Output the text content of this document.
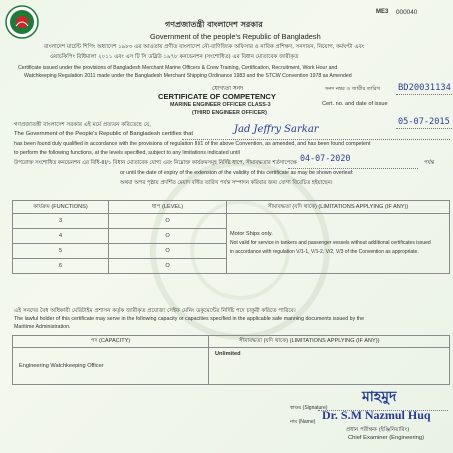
ME3 000040
গণপ্রজাতন্ত্রী বাংলাদেশ সরকার
Government of the people's Republic of Bangladesh
বাংলাদেশ মার্চেন্ট শিপিং অধ্যাদেশ ১৯৮৩ এর আওতায় প্রণীত বাংলাদেশ নৌ-বাণিজ্যিক অফিসার ও নাবিক প্রশিক্ষণ, সনদায়ন, নিয়োগ, কর্মঘণ্টা এবং
ওয়াচকিপিং বিধিমালা ২০১১ এবং এস টি সি ডব্লিউ ১৯৭৮ কনভেনশন (সংশোধিত) এর বিধান মোতাবেক জারীকৃত
Certificate issued under the provisions of Bangladesh Merchant Marine Officers & Crew Training, Certification, Recruitment, Work Hour and
Watchkeeping Regulation 2011 made under the Bangladesh Merchant Shipping Ordinance 1983 and the STCW Convention 1978 as Amended
যোগ্যতা সনদ
CERTIFICATE OF COMPETENCY
MARINE ENGINEER OFFICER CLASS-3
(THIRD ENGINEER OFFICER)
সনদ নম্বর ও জারীর তারিখ BD20031134
Cert. no. and date of issue
05-07-2015
গণপ্রজাতন্ত্রী বাংলাদেশ সরকার এই মর্মে প্রত্যয়ন করিতেছে যে,
The Government of the People's Republic of Bangladesh certifies that	Jad Jeffry Sarkar
has been found duly qualified in accordance with the provisions of regulation III/1 of the above Convention, as amended, and has been found competent
to perform the following functions, at the levels specified, subject to any limitations indicated until	04-07-2020
উপরোক্ত সংশোধিত কনভেনশন এর বিধি-III/১ বিধান মোতাবেক যোগ্য এবং নিম্নোক্ত কার্যক্রমসমূহ নির্দিষ্ট ধাপে, সীমাবদ্ধতার শর্তসাপেক্ষে	পর্যন্ত
or until the date of expiry of the extension of the validity of this certificate as may be shown overleaf:
অথবা অপর পৃষ্ঠায় প্রদর্শিত মেয়াদ বর্ধিত তারিখ পর্যন্ত সম্পাদন করিবার জন্য যোগ্য বিবেচিত হইয়াছেন।
কার্যক্রম (FUNCTIONS)	ধাপ (LEVEL)	সীমাবদ্ধতা (যদি থাকে) (LIMITATIONS APPLYING (IF ANY))
3	O	Motor Ships only.
Not valid for service in tankers and passenger vessels without additional certificates issued
in accordance with regulation V/1-1, V/1-2, V/2, V/3 of the Convention as appropriate.

4	O	
5	O	
6	O	
এই সনদের বৈধ অধিকারী মেরিটাইম প্রশাসন কর্তৃক জারীকৃত প্রযোজ্য সেইফ মেনিং ডকুমেন্টের নির্দিষ্ট পদে চাকুরী করিতে পারিবে।
The lawful holder of this certificate may serve in the following capacity or capacities specified in the applicable safe manning documents issued by the
Maritime Administration.
পদ (CAPACITY)	সীমাবদ্ধতা (যদি থাকে) (LIMITATIONS APPLYING (IF ANY))
Engineering Watchkeeping Officer	Unlimited
মাহমুদ
স্বাক্ষর (Signature)
নাম (Name) Dr. S.M Nazmul Huq
প্রধান পরীক্ষক (ইঞ্জিনিয়ারিং)
Chief Examiner (Engineering)
